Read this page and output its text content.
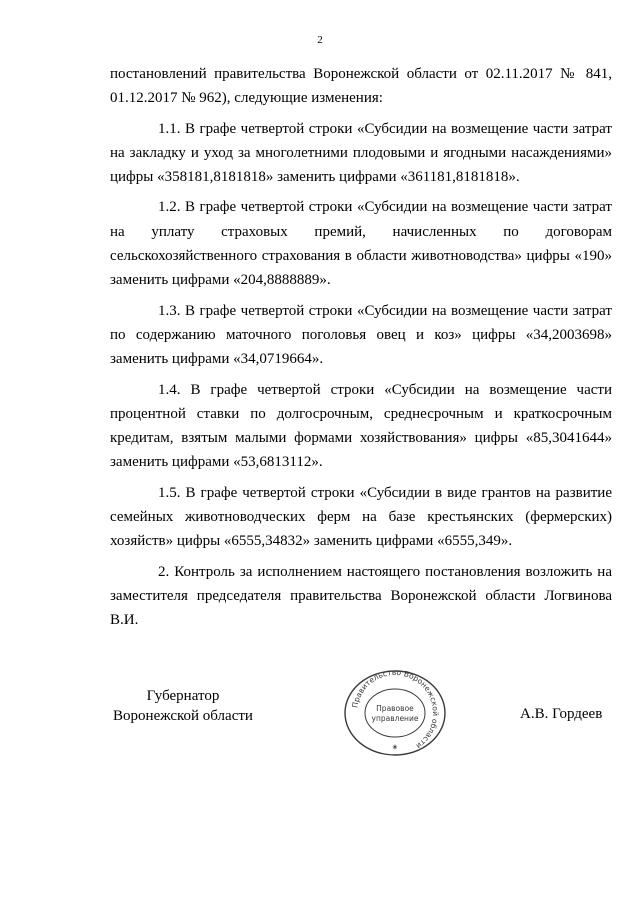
2

постановлений правительства Воронежской области от 02.11.2017 № 841, 01.12.2017 № 962), следующие изменения:

1.1. В графе четвертой строки «Субсидии на возмещение части затрат на закладку и уход за многолетними плодовыми и ягодными насаждениями» цифры «358181,8181818» заменить цифрами «361181,8181818».

1.2. В графе четвертой строки «Субсидии на возмещение части затрат на уплату страховых премий, начисленных по договорам сельскохозяйственного страхования в области животноводства» цифры «190» заменить цифрами «204,8888889».

1.3. В графе четвертой строки «Субсидии на возмещение части затрат по содержанию маточного поголовья овец и коз» цифры «34,2003698» заменить цифрами «34,0719664».

1.4. В графе четвертой строки «Субсидии на возмещение части процентной ставки по долгосрочным, среднесрочным и краткосрочным кредитам, взятым малыми формами хозяйствования» цифры «85,3041644» заменить цифрами «53,6813112».

1.5. В графе четвертой строки «Субсидии в виде грантов на развитие семейных животноводческих ферм на базе крестьянских (фермерских) хозяйств» цифры «6555,34832» заменить цифрами «6555,349».

2. Контроль за исполнением настоящего постановления возложить на заместителя председателя правительства Воронежской области Логвинова В.И.

Губернатор
Воронежской области
Правительство Воронежской области
Правовое
управление
❀
А.В. Гордеев
